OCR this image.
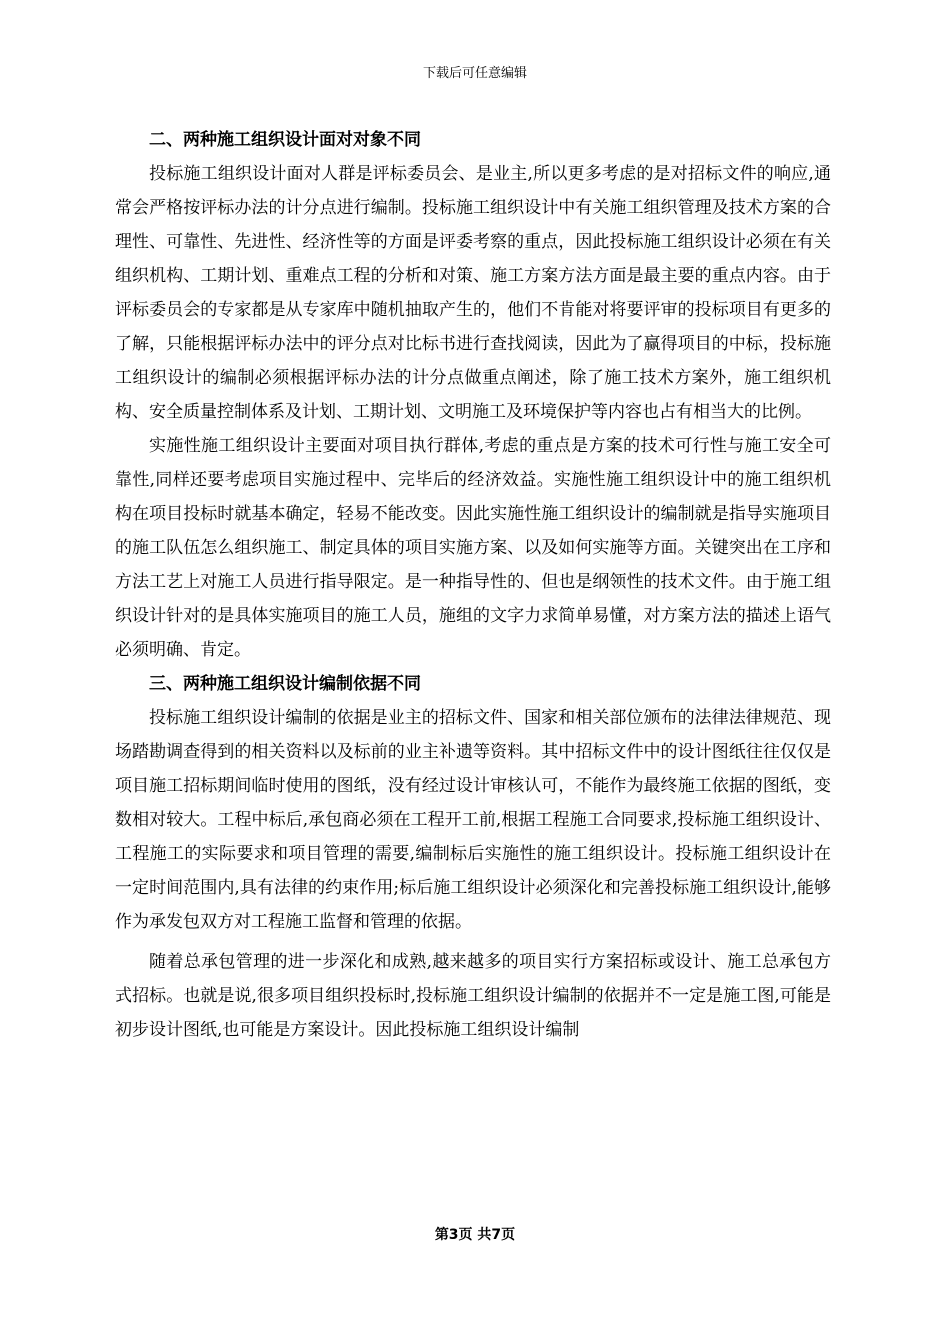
下载后可任意编辑
二、两种施工组织设计面对对象不同

投标施工组织设计面对人群是评标委员会、是业主,所以更多考虑的是对招标文件的响应,通常会严格按评标办法的计分点进行编制。投标施工组织设计中有关施工组织管理及技术方案的合理性、可靠性、先进性、经济性等的方面是评委考察的重点，因此投标施工组织设计必须在有关组织机构、工期计划、重难点工程的分析和对策、施工方案方法方面是最主要的重点内容。由于评标委员会的专家都是从专家库中随机抽取产生的，他们不肯能对将要评审的投标项目有更多的了解，只能根据评标办法中的评分点对比标书进行查找阅读，因此为了赢得项目的中标，投标施工组织设计的编制必须根据评标办法的计分点做重点阐述，除了施工技术方案外，施工组织机构、安全质量控制体系及计划、工期计划、文明施工及环境保护等内容也占有相当大的比例。

实施性施工组织设计主要面对项目执行群体,考虑的重点是方案的技术可行性与施工安全可靠性,同样还要考虑项目实施过程中、完毕后的经济效益。实施性施工组织设计中的施工组织机构在项目投标时就基本确定，轻易不能改变。因此实施性施工组织设计的编制就是指导实施项目的施工队伍怎么组织施工、制定具体的项目实施方案、以及如何实施等方面。关键突出在工序和方法工艺上对施工人员进行指导限定。是一种指导性的、但也是纲领性的技术文件。由于施工组织设计针对的是具体实施项目的施工人员，施组的文字力求简单易懂，对方案方法的描述上语气必须明确、肯定。

三、两种施工组织设计编制依据不同

投标施工组织设计编制的依据是业主的招标文件、国家和相关部位颁布的法律法律规范、现场踏勘调查得到的相关资料以及标前的业主补遗等资料。其中招标文件中的设计图纸往往仅仅是项目施工招标期间临时使用的图纸，没有经过设计审核认可，不能作为最终施工依据的图纸，变数相对较大。工程中标后,承包商必须在工程开工前,根据工程施工合同要求,投标施工组织设计、工程施工的实际要求和项目管理的需要,编制标后实施性的施工组织设计。投标施工组织设计在一定时间范围内,具有法律的约束作用;标后施工组织设计必须深化和完善投标施工组织设计,能够作为承发包双方对工程施工监督和管理的依据。

随着总承包管理的进一步深化和成熟,越来越多的项目实行方案招标或设计、施工总承包方式招标。也就是说,很多项目组织投标时,投标施工组织设计编制的依据并不一定是施工图,可能是初步设计图纸,也可能是方案设计。因此投标施工组织设计编制

第3页 共7页
